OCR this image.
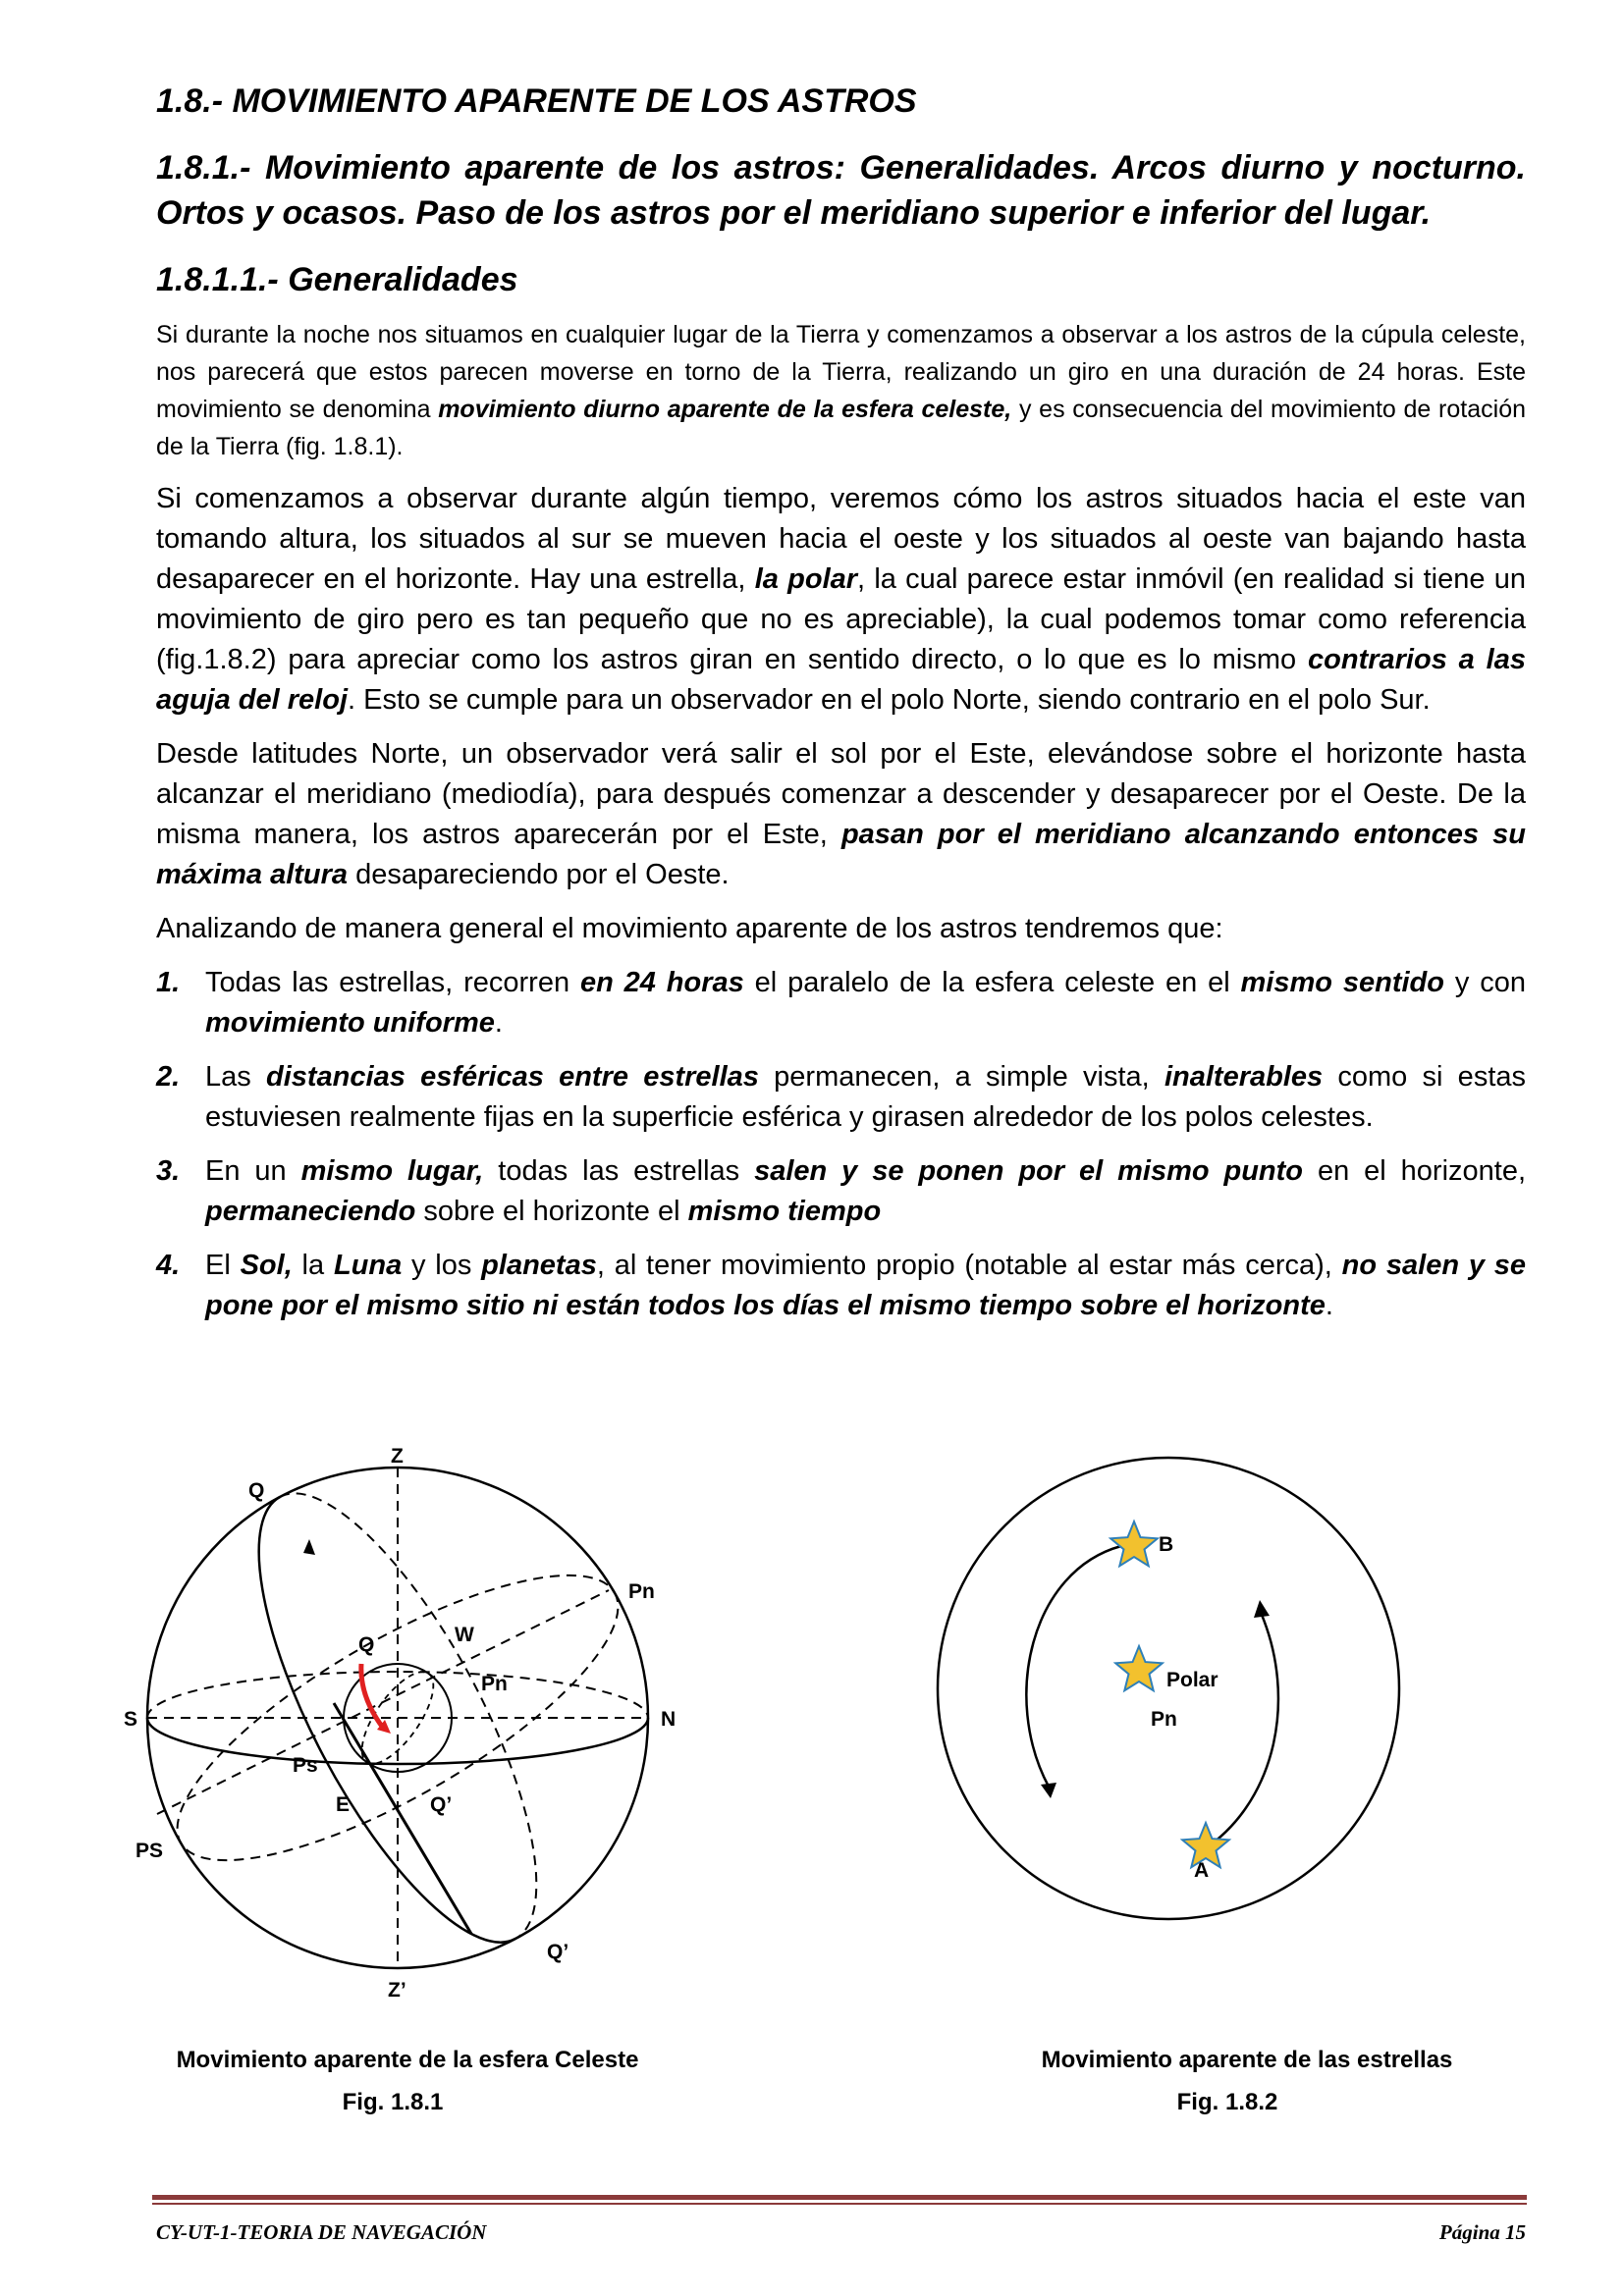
1.8.- MOVIMIENTO APARENTE DE LOS ASTROS
1.8.1.- Movimiento aparente de los astros: Generalidades. Arcos diurno y nocturno. Ortos y ocasos. Paso de los astros por el meridiano superior e inferior del lugar.
1.8.1.1.- Generalidades

Si durante la noche nos situamos en cualquier lugar de la Tierra y comenzamos a observar a los astros de la cúpula celeste, nos parecerá que estos parecen moverse en torno de la Tierra, realizando un giro en una duración de 24 horas. Este movimiento se denomina movimiento diurno aparente de la esfera celeste, y es consecuencia del movimiento de rotación de la Tierra (fig. 1.8.1).

Si comenzamos a observar durante algún tiempo, veremos cómo los astros situados hacia el este van tomando altura, los situados al sur se mueven hacia el oeste y los situados al oeste van bajando hasta desaparecer en el horizonte. Hay una estrella, la polar, la cual parece estar inmóvil (en realidad si tiene un movimiento de giro pero es tan pequeño que no es apreciable), la cual podemos tomar como referencia (fig.1.8.2) para apreciar como los astros giran en sentido directo, o lo que es lo mismo contrarios a las aguja del reloj. Esto se cumple para un observador en el polo Norte, siendo contrario en el polo Sur.

Desde latitudes Norte, un observador verá salir el sol por el Este, elevándose sobre el horizonte hasta alcanzar el meridiano (mediodía), para después comenzar a descender y desaparecer por el Oeste. De la misma manera, los astros aparecerán por el Este, pasan por el meridiano alcanzando entonces su máxima altura desapareciendo por el Oeste.

Analizando de manera general el movimiento aparente de los astros tendremos que:

1. Todas las estrellas, recorren en 24 horas el paralelo de la esfera celeste en el mismo sentido y con movimiento uniforme.
2. Las distancias esféricas entre estrellas permanecen, a simple vista, inalterables como si estas estuviesen realmente fijas en la superficie esférica y girasen alrededor de los polos celestes.
3. En un mismo lugar, todas las estrellas salen y se ponen por el mismo punto en el horizonte, permaneciendo sobre el horizonte el mismo tiempo
4. El Sol, la Luna y los planetas, al tener movimiento propio (notable al estar más cerca), no salen y se pone por el mismo sitio ni están todos los días el mismo tiempo sobre el horizonte.
Z
Z’
Q
Q
Q’
Q’
Pn
Pn
W
S	N
Ps
E
PS
B
Polar
Pn
A
Movimiento aparente de la esfera Celeste
Fig. 1.8.1
Movimiento aparente de las estrellas
Fig. 1.8.2
CY-UT-1-TEORIA DE NAVEGACIÓN	Página 15
